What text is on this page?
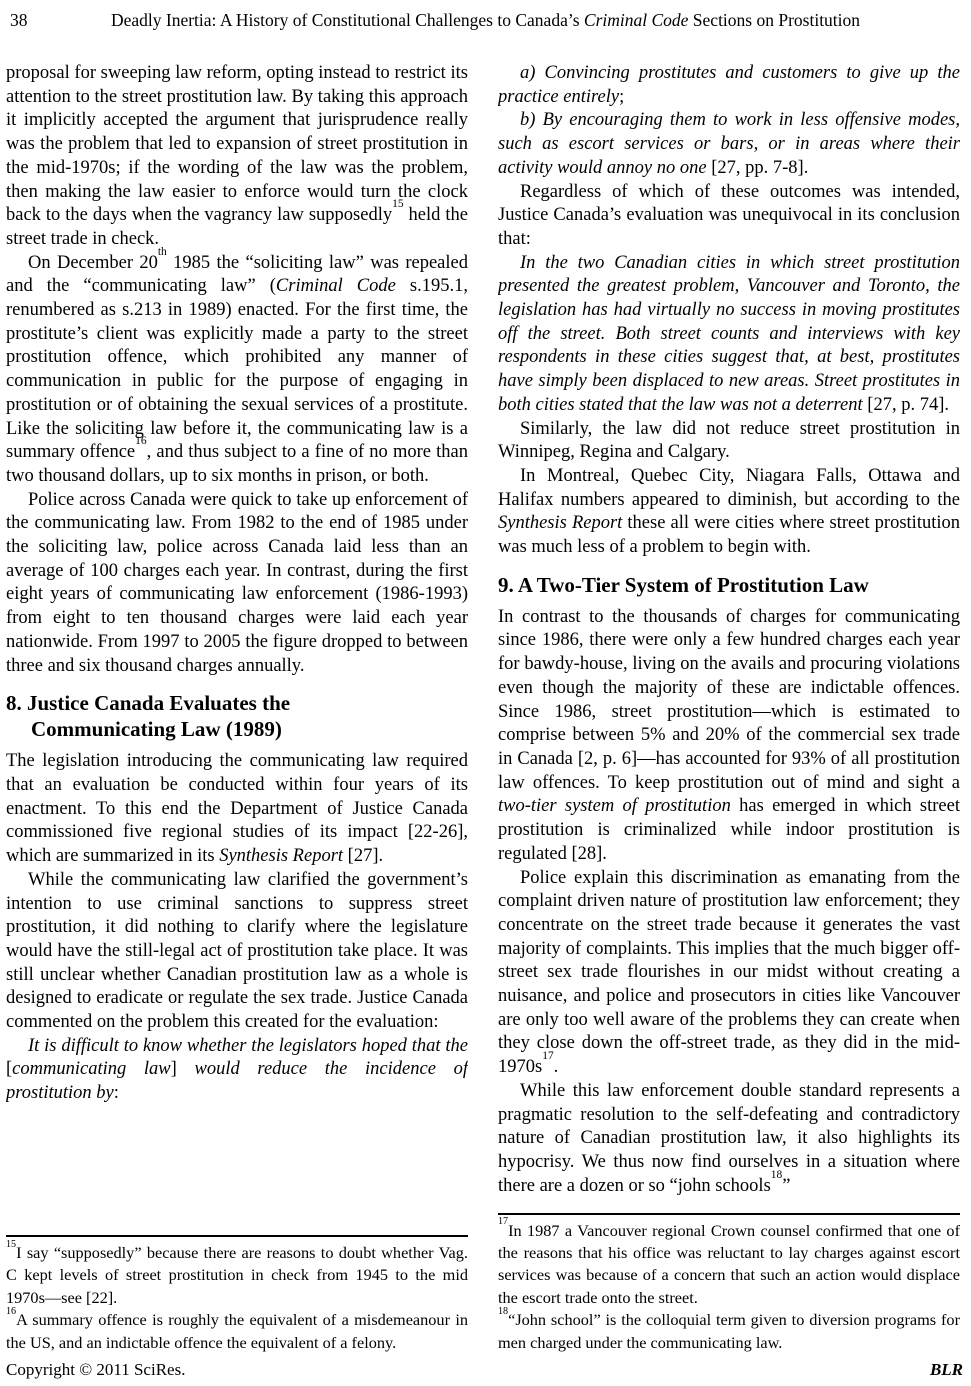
38	Deadly Inertia: A History of Constitutional Challenges to Canada’s Criminal Code Sections on Prostitution

proposal for sweeping law reform, opting instead to restrict its attention to the street prostitution law. By taking this approach it implicitly accepted the argument that jurisprudence really was the problem that led to expansion of street prostitution in the mid-1970s; if the wording of the law was the problem, then making the law easier to enforce would turn the clock back to the days when the vagrancy law supposedly$^{15}$ held the street trade in check.

On December 20th 1985 the “soliciting law” was repealed and the “communicating law” (Criminal Code s.195.1, renumbered as s.213 in 1989) enacted. For the first time, the prostitute’s client was explicitly made a party to the street prostitution offence, which prohibited any manner of communication in public for the purpose of engaging in prostitution or of obtaining the sexual services of a prostitute. Like the soliciting law before it, the communicating law is a summary offence$^{16}$, and thus subject to a fine of no more than two thousand dollars, up to six months in prison, or both.

Police across Canada were quick to take up enforcement of the communicating law. From 1982 to the end of 1985 under the soliciting law, police across Canada laid less than an average of 100 charges each year. In contrast, during the first eight years of communicating law enforcement (1986-1993) from eight to ten thousand charges were laid each year nationwide. From 1997 to 2005 the figure dropped to between three and six thousand charges annually.

8. Justice Canada Evaluates the
Communicating Law (1989)

The legislation introducing the communicating law required that an evaluation be conducted within four years of its enactment. To this end the Department of Justice Canada commissioned five regional studies of its impact [22-26], which are summarized in its Synthesis Report [27].

While the communicating law clarified the government’s intention to use criminal sanctions to suppress street prostitution, it did nothing to clarify where the legislature would have the still-legal act of prostitution take place. It was still unclear whether Canadian prostitution law as a whole is designed to eradicate or regulate the sex trade. Justice Canada commented on the problem this created for the evaluation:

It is difficult to know whether the legislators hoped that the [communicating law] would reduce the incidence of prostitution by:

$^{15}$I say “supposedly” because there are reasons to doubt whether Vag. C kept levels of street prostitution in check from 1945 to the mid 1970s—see [22].

$^{16}$A summary offence is roughly the equivalent of a misdemeanour in the US, and an indictable offence the equivalent of a felony.

a) Convincing prostitutes and customers to give up the practice entirely;

b) By encouraging them to work in less offensive modes, such as escort services or bars, or in areas where their activity would annoy no one [27, pp. 7-8].

Regardless of which of these outcomes was intended, Justice Canada’s evaluation was unequivocal in its conclusion that:

In the two Canadian cities in which street prostitution presented the greatest problem, Vancouver and Toronto, the legislation has had virtually no success in moving prostitutes off the street. Both street counts and interviews with key respondents in these cities suggest that, at best, prostitutes have simply been displaced to new areas. Street prostitutes in both cities stated that the law was not a deterrent [27, p. 74].

Similarly, the law did not reduce street prostitution in Winnipeg, Regina and Calgary.

In Montreal, Quebec City, Niagara Falls, Ottawa and Halifax numbers appeared to diminish, but according to the Synthesis Report these all were cities where street prostitution was much less of a problem to begin with.

9. A Two-Tier System of Prostitution Law

In contrast to the thousands of charges for communicating since 1986, there were only a few hundred charges each year for bawdy-house, living on the avails and procuring violations even though the majority of these are indictable offences. Since 1986, street prostitution—which is estimated to comprise between 5% and 20% of the commercial sex trade in Canada [2, p. 6]—has accounted for 93% of all prostitution law offences. To keep prostitution out of mind and sight a two-tier system of prostitution has emerged in which street prostitution is criminalized while indoor prostitution is regulated [28].

Police explain this discrimination as emanating from the complaint driven nature of prostitution law enforcement; they concentrate on the street trade because it generates the vast majority of complaints. This implies that the much bigger off-street sex trade flourishes in our midst without creating a nuisance, and police and prosecutors in cities like Vancouver are only too well aware of the problems they can create when they close down the off-street trade, as they did in the mid-$1970s^{17}$.

While this law enforcement double standard represents a pragmatic resolution to the self-defeating and contradictory nature of Canadian prostitution law, it also highlights its hypocrisy. We thus now find ourselves in a situation where there are a dozen or so “john schools$^{18}$”

$^{17}$In 1987 a Vancouver regional Crown counsel confirmed that one of the reasons that his office was reluctant to lay charges against escort services was because of a concern that such an action would displace the escort trade onto the street.

$^{18}$“John school” is the colloquial term given to diversion programs for men charged under the communicating law.

Copyright © 2011 SciRes.	BLR
